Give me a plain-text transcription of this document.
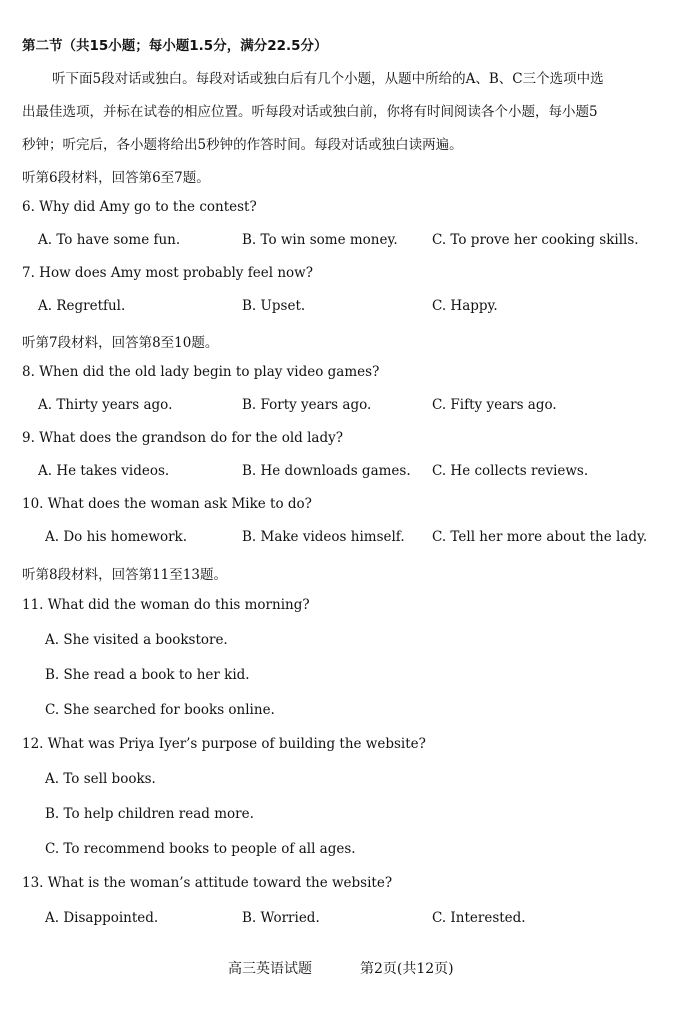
第二节（共15小题；每小题1.5分，满分22.5分）
听下面5段对话或独白。每段对话或独白后有几个小题，从题中所给的A、B、C三个选项中选
出最佳选项，并标在试卷的相应位置。听每段对话或独白前，你将有时间阅读各个小题，每小题5
秒钟；听完后，各小题将给出5秒钟的作答时间。每段对话或独白读两遍。
听第6段材料，回答第6至7题。
6. Why did Amy go to the contest?
A. To have some fun.	B. To win some money.	C. To prove her cooking skills.
7. How does Amy most probably feel now?
A. Regretful.	B. Upset.	C. Happy.
听第7段材料，回答第8至10题。
8. When did the old lady begin to play video games?
A. Thirty years ago.	B. Forty years ago.	C. Fifty years ago.
9. What does the grandson do for the old lady?
A. He takes videos.	B. He downloads games. C. He collects reviews.
10. What does the woman ask Mike to do?
A. Do his homework.	B. Make videos himself. C. Tell her more about the lady.
听第8段材料，回答第11至13题。
11. What did the woman do this morning?
A. She visited a bookstore.
B. She read a book to her kid.
C. She searched for books online.
12. What was Priya Iyer’s purpose of building the website?
A. To sell books.
B. To help children read more.
C. To recommend books to people of all ages.
13. What is the woman’s attitude toward the website?
A. Disappointed.	B. Worried.	C. Interested.
高三英语试题	第2页(共12页)
